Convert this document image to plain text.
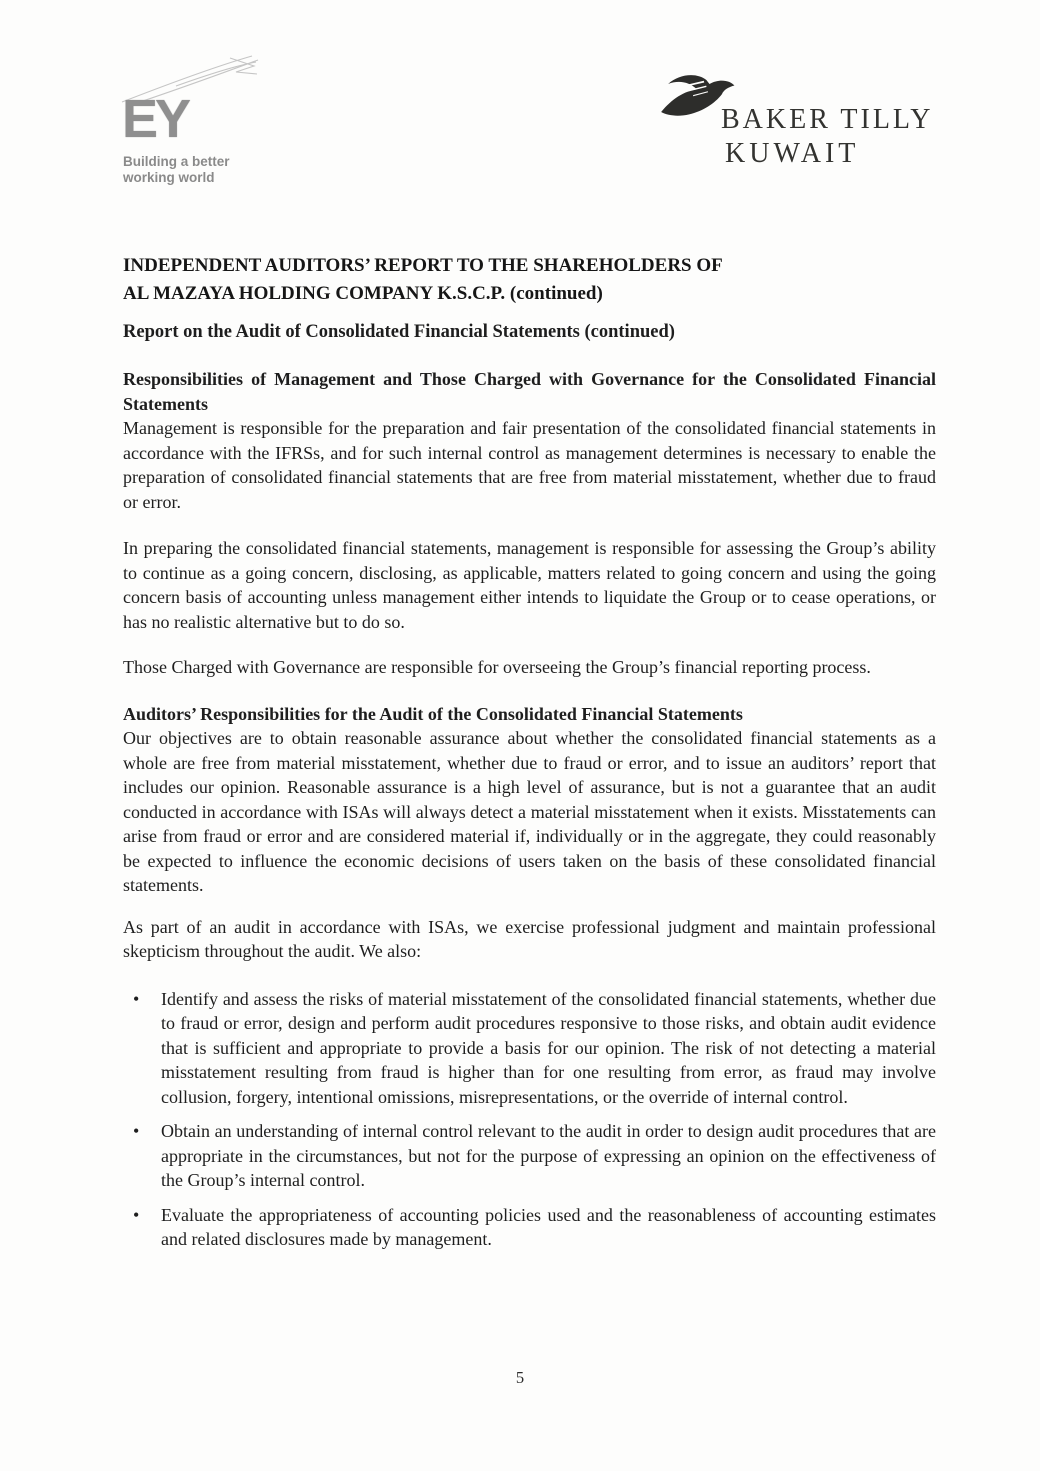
EY
Building a better
working world
BAKER TILLY
KUWAIT
INDEPENDENT AUDITORS’ REPORT TO THE SHAREHOLDERS OF
AL MAZAYA HOLDING COMPANY K.S.C.P. (continued)
Report on the Audit of Consolidated Financial Statements (continued)
Responsibilities of Management and Those Charged with Governance for the Consolidated Financial Statements
Management is responsible for the preparation and fair presentation of the consolidated financial statements in accordance with the IFRSs, and for such internal control as management determines is necessary to enable the preparation of consolidated financial statements that are free from material misstatement, whether due to fraud or error.
In preparing the consolidated financial statements, management is responsible for assessing the Group’s ability to continue as a going concern, disclosing, as applicable, matters related to going concern and using the going concern basis of accounting unless management either intends to liquidate the Group or to cease operations, or has no realistic alternative but to do so.
Those Charged with Governance are responsible for overseeing the Group’s financial reporting process.
Auditors’ Responsibilities for the Audit of the Consolidated Financial Statements
Our objectives are to obtain reasonable assurance about whether the consolidated financial statements as a whole are free from material misstatement, whether due to fraud or error, and to issue an auditors’ report that includes our opinion. Reasonable assurance is a high level of assurance, but is not a guarantee that an audit conducted in accordance with ISAs will always detect a material misstatement when it exists. Misstatements can arise from fraud or error and are considered material if, individually or in the aggregate, they could reasonably be expected to influence the economic decisions of users taken on the basis of these consolidated financial statements.
As part of an audit in accordance with ISAs, we exercise professional judgment and maintain professional skepticism throughout the audit. We also:
• Identify and assess the risks of material misstatement of the consolidated financial statements, whether due to fraud or error, design and perform audit procedures responsive to those risks, and obtain audit evidence that is sufficient and appropriate to provide a basis for our opinion. The risk of not detecting a material misstatement resulting from fraud is higher than for one resulting from error, as fraud may involve collusion, forgery, intentional omissions, misrepresentations, or the override of internal control.
• Obtain an understanding of internal control relevant to the audit in order to design audit procedures that are appropriate in the circumstances, but not for the purpose of expressing an opinion on the effectiveness of the Group’s internal control.
• Evaluate the appropriateness of accounting policies used and the reasonableness of accounting estimates and related disclosures made by management.
5
